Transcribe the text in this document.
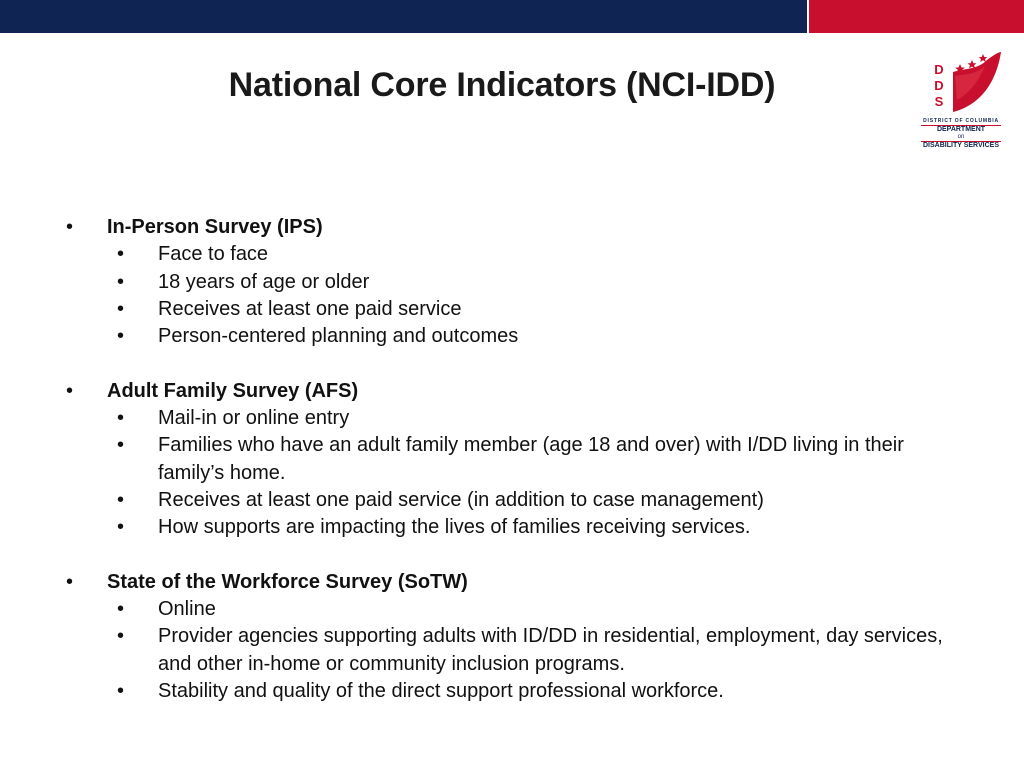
National Core Indicators (NCI-IDD)	D
D
S
DISTRICT OF COLUMBIA
DEPARTMENT
on
DISABILITY SERVICES
• In-Person Survey (IPS)
• Face to face
• 18 years of age or older
• Receives at least one paid service
• Person-centered planning and outcomes
• Adult Family Survey (AFS)
• Mail-in or online entry
• Families who have an adult family member (age 18 and over) with I/DD living in their family’s home.
• Receives at least one paid service (in addition to case management)
• How supports are impacting the lives of families receiving services.
• State of the Workforce Survey (SoTW)
• Online
• Provider agencies supporting adults with ID/DD in residential, employment, day services, and other in-home or community inclusion programs.
• Stability and quality of the direct support professional workforce.
